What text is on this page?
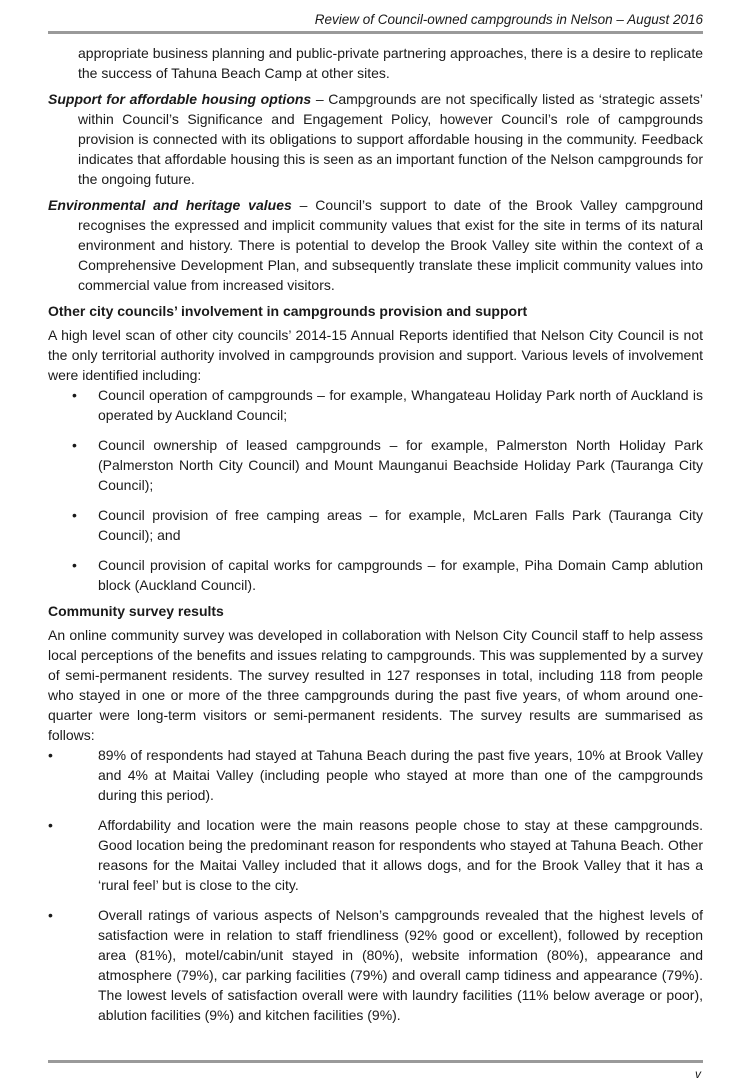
Review of Council-owned campgrounds in Nelson – August 2016

appropriate business planning and public-private partnering approaches, there is a desire to replicate the success of Tahuna Beach Camp at other sites.

Support for affordable housing options – Campgrounds are not specifically listed as ‘strategic assets’ within Council’s Significance and Engagement Policy, however Council’s role of campgrounds provision is connected with its obligations to support affordable housing in the community. Feedback indicates that affordable housing this is seen as an important function of the Nelson campgrounds for the ongoing future.

Environmental and heritage values – Council’s support to date of the Brook Valley campground recognises the expressed and implicit community values that exist for the site in terms of its natural environment and history. There is potential to develop the Brook Valley site within the context of a Comprehensive Development Plan, and subsequently translate these implicit community values into commercial value from increased visitors.

Other city councils’ involvement in campgrounds provision and support

A high level scan of other city councils’ 2014-15 Annual Reports identified that Nelson City Council is not the only territorial authority involved in campgrounds provision and support. Various levels of involvement were identified including:

• Council operation of campgrounds – for example, Whangateau Holiday Park north of Auckland is operated by Auckland Council;
• Council ownership of leased campgrounds – for example, Palmerston North Holiday Park (Palmerston North City Council) and Mount Maunganui Beachside Holiday Park (Tauranga City Council);
• Council provision of free camping areas – for example, McLaren Falls Park (Tauranga City Council); and
• Council provision of capital works for campgrounds – for example, Piha Domain Camp ablution block (Auckland Council).
Community survey results

An online community survey was developed in collaboration with Nelson City Council staff to help assess local perceptions of the benefits and issues relating to campgrounds. This was supplemented by a survey of semi-permanent residents. The survey resulted in 127 responses in total, including 118 from people who stayed in one or more of the three campgrounds during the past five years, of whom around one-quarter were long-term visitors or semi-permanent residents. The survey results are summarised as follows:

•	89% of respondents had stayed at Tahuna Beach during the past five years, 10% at Brook Valley and 4% at Maitai Valley (including people who stayed at more than one of the campgrounds during this period).
•	Affordability and location were the main reasons people chose to stay at these campgrounds. Good location being the predominant reason for respondents who stayed at Tahuna Beach. Other reasons for the Maitai Valley included that it allows dogs, and for the Brook Valley that it has a ‘rural feel’ but is close to the city.
•	Overall ratings of various aspects of Nelson’s campgrounds revealed that the highest levels of satisfaction were in relation to staff friendliness (92% good or excellent), followed by reception area (81%), motel/cabin/unit stayed in (80%), website information (80%), appearance and atmosphere (79%), car parking facilities (79%) and overall camp tidiness and appearance (79%). The lowest levels of satisfaction overall were with laundry facilities (11% below average or poor), ablution facilities (9%) and kitchen facilities (9%).
v
